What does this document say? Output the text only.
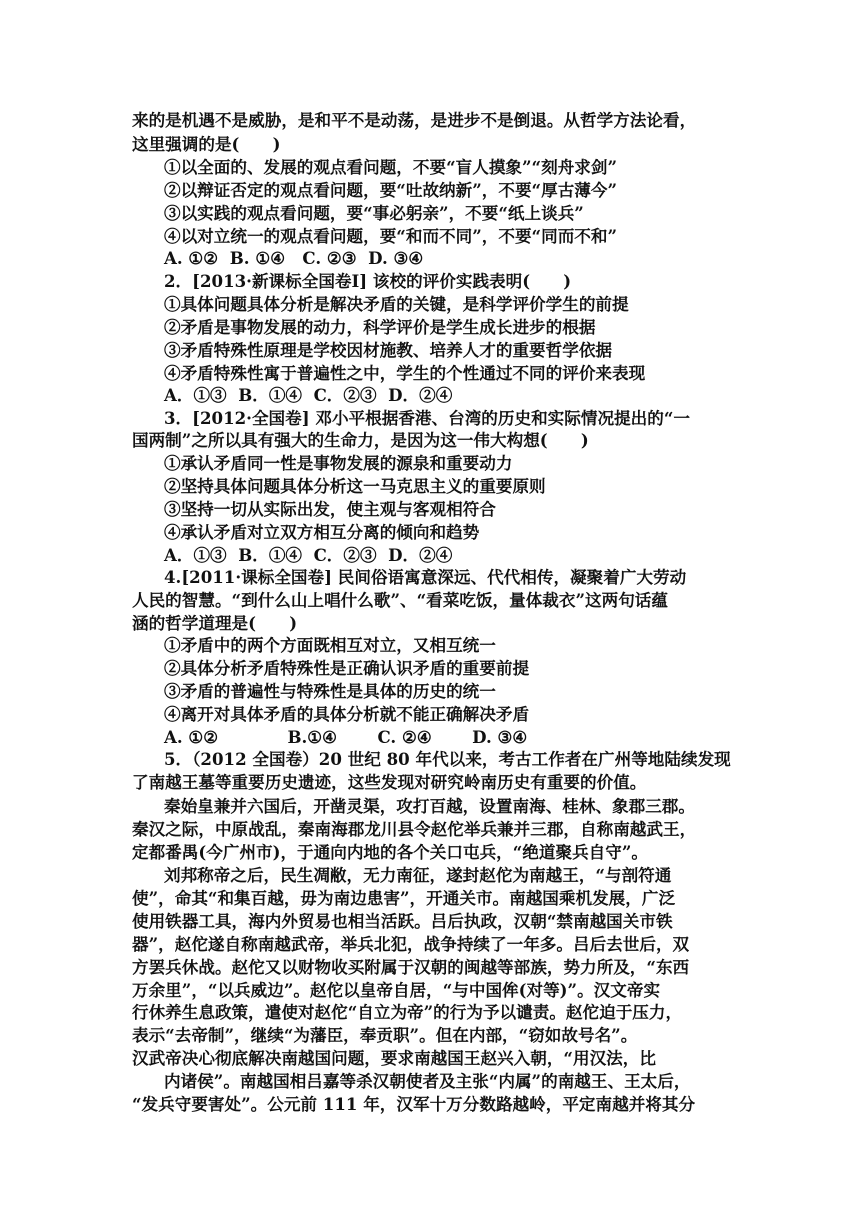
来的是机遇不是威胁，是和平不是动荡，是进步不是倒退。从哲学方法论看，
这里强调的是(　　)
①以全面的、发展的观点看问题，不要“盲人摸象”“刻舟求剑”
②以辩证否定的观点看问题，要“吐故纳新”，不要“厚古薄今”
③以实践的观点看问题，要“事必躬亲”，不要“纸上谈兵”
④以对立统一的观点看问题，要“和而不同”，不要“同而不和”
A. ①②  B. ①④   C. ②③  D. ③④
2．[2013·新课标全国卷Ⅰ] 该校的评价实践表明(　　)
①具体问题具体分析是解决矛盾的关键，是科学评价学生的前提
②矛盾是事物发展的动力，科学评价是学生成长进步的根据
③矛盾特殊性原理是学校因材施教、培养人才的重要哲学依据
④矛盾特殊性寓于普遍性之中，学生的个性通过不同的评价来表现
A．①③  B．①④  C．②③  D．②④
3．[2012·全国卷] 邓小平根据香港、台湾的历史和实际情况提出的“一
国两制”之所以具有强大的生命力，是因为这一伟大构想(　　)
①承认矛盾同一性是事物发展的源泉和重要动力
②坚持具体问题具体分析这一马克思主义的重要原则
③坚持一切从实际出发，使主观与客观相符合
④承认矛盾对立双方相互分离的倾向和趋势
A．①③  B．①④  C．②③  D．②④
4.[2011·课标全国卷] 民间俗语寓意深远、代代相传，凝聚着广大劳动
人民的智慧。“到什么山上唱什么歌”、“看菜吃饭，量体裁衣”这两句话蕴
涵的哲学道理是(　　)
①矛盾中的两个方面既相互对立，又相互统一
②具体分析矛盾特殊性是正确认识矛盾的重要前提
③矛盾的普遍性与特殊性是具体的历史的统一
④离开对具体矛盾的具体分析就不能正确解决矛盾
A. ①②            B.①④       C. ②④       D. ③④
5．（2012 全国卷）20 世纪 80 年代以来，考古工作者在广州等地陆续发现
了南越王墓等重要历史遗迹，这些发现对研究岭南历史有重要的价值。
秦始皇兼并六国后，开凿灵渠，攻打百越，设置南海、桂林、象郡三郡。
秦汉之际，中原战乱，秦南海郡龙川县令赵佗举兵兼并三郡，自称南越武王，
定都番禺(今广州市)，于通向内地的各个关口屯兵，“绝道聚兵自守”。
刘邦称帝之后，民生凋敝，无力南征，遂封赵佗为南越王，“与剖符通
使”，命其“和集百越，毋为南边患害”，开通关市。南越国乘机发展，广泛
使用铁器工具，海内外贸易也相当活跃。吕后执政，汉朝“禁南越国关市铁
器”，赵佗遂自称南越武帝，举兵北犯，战争持续了一年多。吕后去世后，双
方罢兵休战。赵佗又以财物收买附属于汉朝的闽越等部族，势力所及，“东西
万余里”，“以兵威边”。赵佗以皇帝自居，“与中国侔(对等)”。汉文帝实
行休养生息政策，遣使对赵佗“自立为帝”的行为予以谴责。赵佗迫于压力，
表示“去帝制”，继续“为藩臣，奉贡职”。但在内部，“窃如故号名”。
汉武帝决心彻底解决南越国问题，要求南越国王赵兴入朝，“用汉法，比
内诸侯”。南越国相吕嘉等杀汉朝使者及主张“内属”的南越王、王太后，
“发兵守要害处”。公元前 111 年，汉军十万分数路越岭，平定南越并将其分
